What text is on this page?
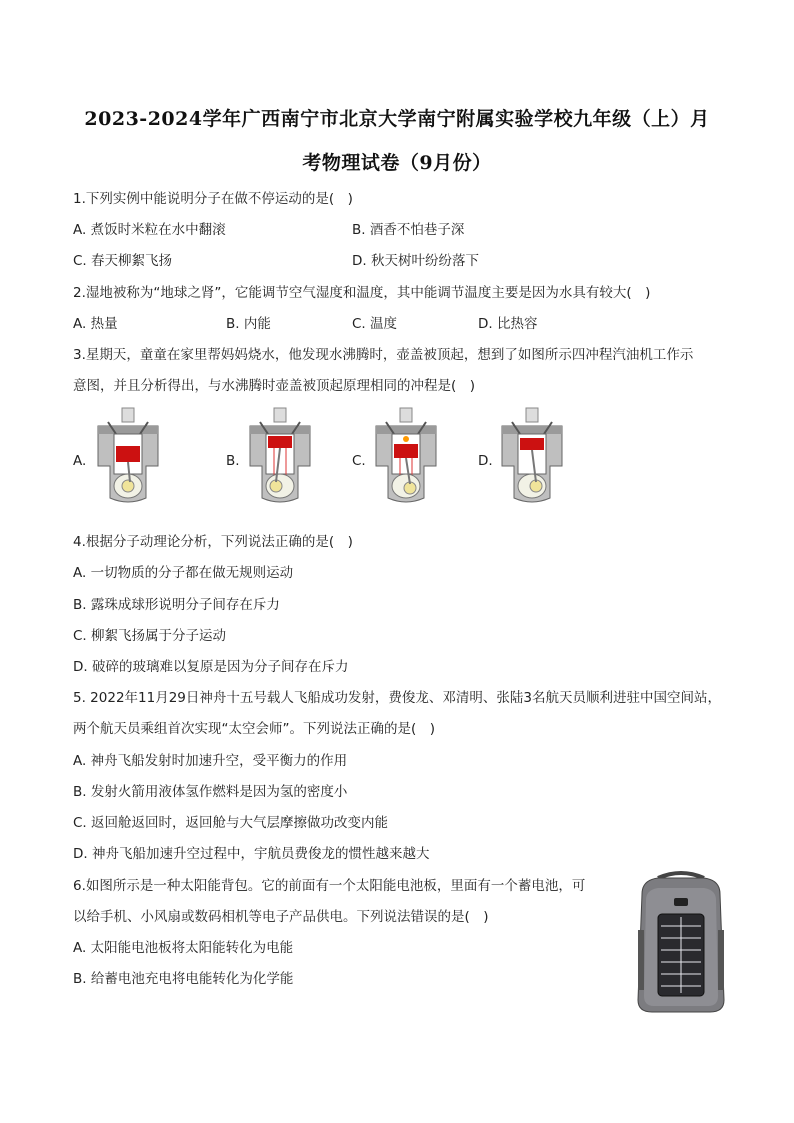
2023-2024学年广西南宁市北京大学南宁附属实验学校九年级（上）月
考物理试卷（9月份）
1.下列实例中能说明分子在做不停运动的是(　)
A. 煮饭时米粒在水中翻滚	B. 酒香不怕巷子深
C. 春天柳絮飞扬	D. 秋天树叶纷纷落下
2.湿地被称为“地球之肾”，它能调节空气湿度和温度，其中能调节温度主要是因为水具有较大(　)
A. 热量	B. 内能	C. 温度	D. 比热容
3.星期天，童童在家里帮妈妈烧水，他发现水沸腾时，壶盖被顶起，想到了如图所示四冲程汽油机工作示
意图，并且分析得出，与水沸腾时壶盖被顶起原理相同的冲程是(　)
A.	B.	C.	D.
4.根据分子动理论分析，下列说法正确的是(　)
A. 一切物质的分子都在做无规则运动
B. 露珠成球形说明分子间存在斥力
C. 柳絮飞扬属于分子运动
D. 破碎的玻璃难以复原是因为分子间存在斥力
5. 2022年11月29日神舟十五号载人飞船成功发射，费俊龙、邓清明、张陆3名航天员顺利进驻中国空间站，
两个航天员乘组首次实现“太空会师”。下列说法正确的是(　)
A. 神舟飞船发射时加速升空，受平衡力的作用
B. 发射火箭用液体氢作燃料是因为氢的密度小
C. 返回舱返回时，返回舱与大气层摩擦做功改变内能
D. 神舟飞船加速升空过程中，宇航员费俊龙的惯性越来越大
6.如图所示是一种太阳能背包。它的前面有一个太阳能电池板，里面有一个蓄电池，可
以给手机、小风扇或数码相机等电子产品供电。下列说法错误的是(　)
A. 太阳能电池板将太阳能转化为电能
B. 给蓄电池充电将电能转化为化学能
